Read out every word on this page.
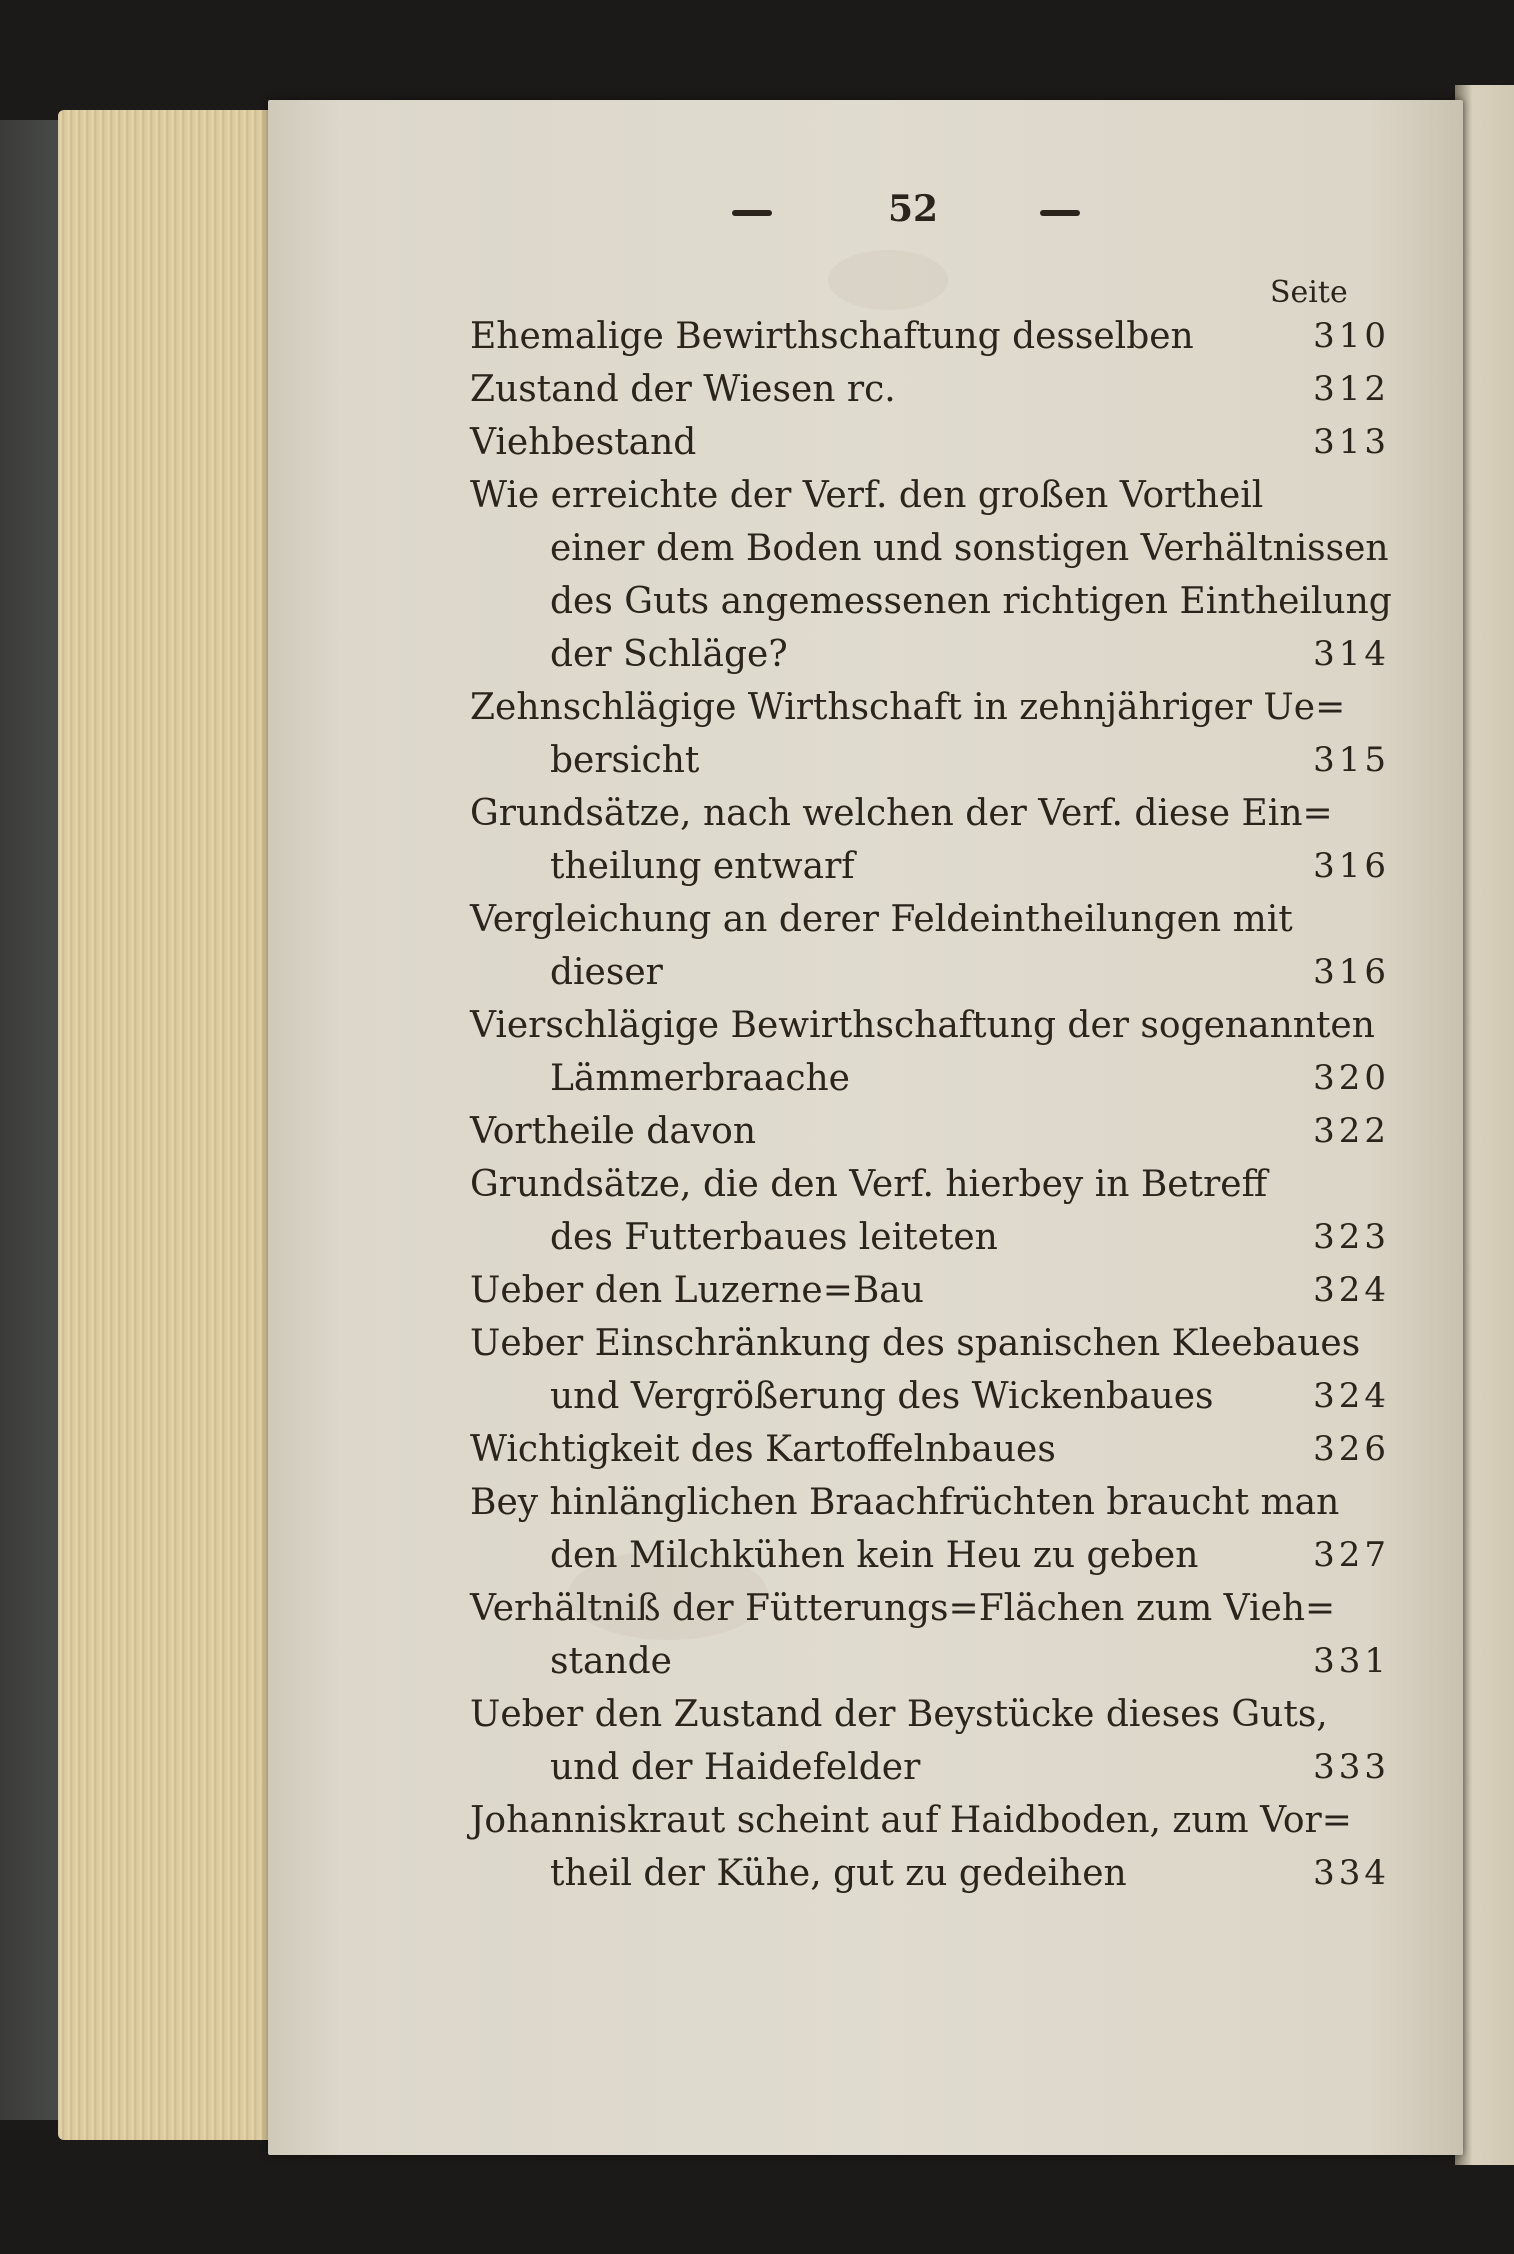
52
Seite
Ehemalige Bewirthschaftung desselben	310
Zustand der Wiesen rc.	312
Viehbestand	313
Wie erreichte der Verf. den großen Vortheil
einer dem Boden und sonstigen Verhältnissen
des Guts angemessenen richtigen Eintheilung
der Schläge?	314
Zehnschlägige Wirthschaft in zehnjähriger Ue=
bersicht	315
Grundsätze, nach welchen der Verf. diese Ein=
theilung entwarf	316
Vergleichung an derer Feldeintheilungen mit
dieser	316
Vierschlägige Bewirthschaftung der sogenannten
Lämmerbraache	320
Vortheile davon	322
Grundsätze, die den Verf. hierbey in Betreff
des Futterbaues leiteten	323
Ueber den Luzerne=Bau	324
Ueber Einschränkung des spanischen Kleebaues
und Vergrößerung des Wickenbaues	324
Wichtigkeit des Kartoffelnbaues	326
Bey hinlänglichen Braachfrüchten braucht man
den Milchkühen kein Heu zu geben	327
Verhältniß der Fütterungs=Flächen zum Vieh=
stande	331
Ueber den Zustand der Beystücke dieses Guts,
und der Haidefelder	333
Johanniskraut scheint auf Haidboden, zum Vor=
theil der Kühe, gut zu gedeihen	334
